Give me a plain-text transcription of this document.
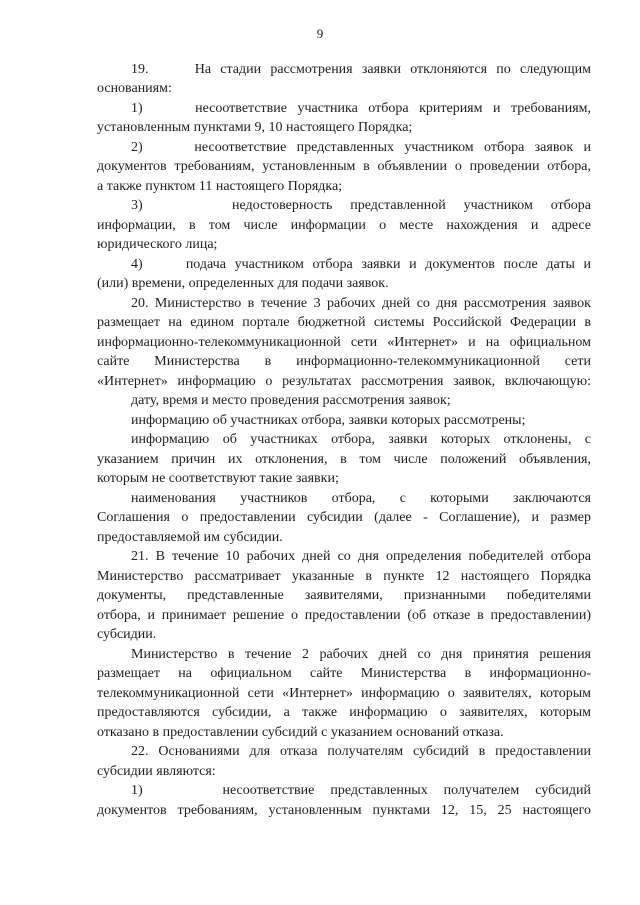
9
19.     На стадии рассмотрения заявки отклоняются по следующим
основаниям:
1)     несоответствие участника отбора критериям и требованиям,
установленным пунктами 9, 10 настоящего Порядка;
2)     несоответствие представленных участником отбора заявок и
документов требованиям, установленным в объявлении о проведении отбора,
а также пунктом 11 настоящего Порядка;
3)     недостоверность представленной участником отбора
информации, в том числе информации о месте нахождения и адресе
юридического лица;
4)     подача участником отбора заявки и документов после даты и
(или) времени, определенных для подачи заявок.
20. Министерство в течение 3 рабочих дней со дня рассмотрения заявок
размещает на едином портале бюджетной системы Российской Федерации в
информационно-телекоммуникационной сети «Интернет» и на официальном
сайте Министерства в информационно-телекоммуникационной сети
«Интернет» информацию о результатах рассмотрения заявок, включающую:
дату, время и место проведения рассмотрения заявок;
информацию об участниках отбора, заявки которых рассмотрены;
информацию об участниках отбора, заявки которых отклонены, с
указанием причин их отклонения, в том числе положений объявления,
которым не соответствуют такие заявки;
наименования участников отбора, с которыми заключаются
Соглашения о предоставлении субсидии (далее - Соглашение), и размер
предоставляемой им субсидии.
21. В течение 10 рабочих дней со дня определения победителей отбора
Министерство рассматривает указанные в пункте 12 настоящего Порядка
документы, представленные заявителями, признанными победителями
отбора, и принимает решение о предоставлении (об отказе в предоставлении)
субсидии.
Министерство в течение 2 рабочих дней со дня принятия решения
размещает на официальном сайте Министерства в информационно-
телекоммуникационной сети «Интернет» информацию о заявителях, которым
предоставляются субсидии, а также информацию о заявителях, которым
отказано в предоставлении субсидий с указанием оснований отказа.
22. Основаниями для отказа получателям субсидий в предоставлении
субсидии являются:
1)     несоответствие представленных получателем субсидий
документов требованиям, установленным пунктами 12, 15, 25 настоящего
